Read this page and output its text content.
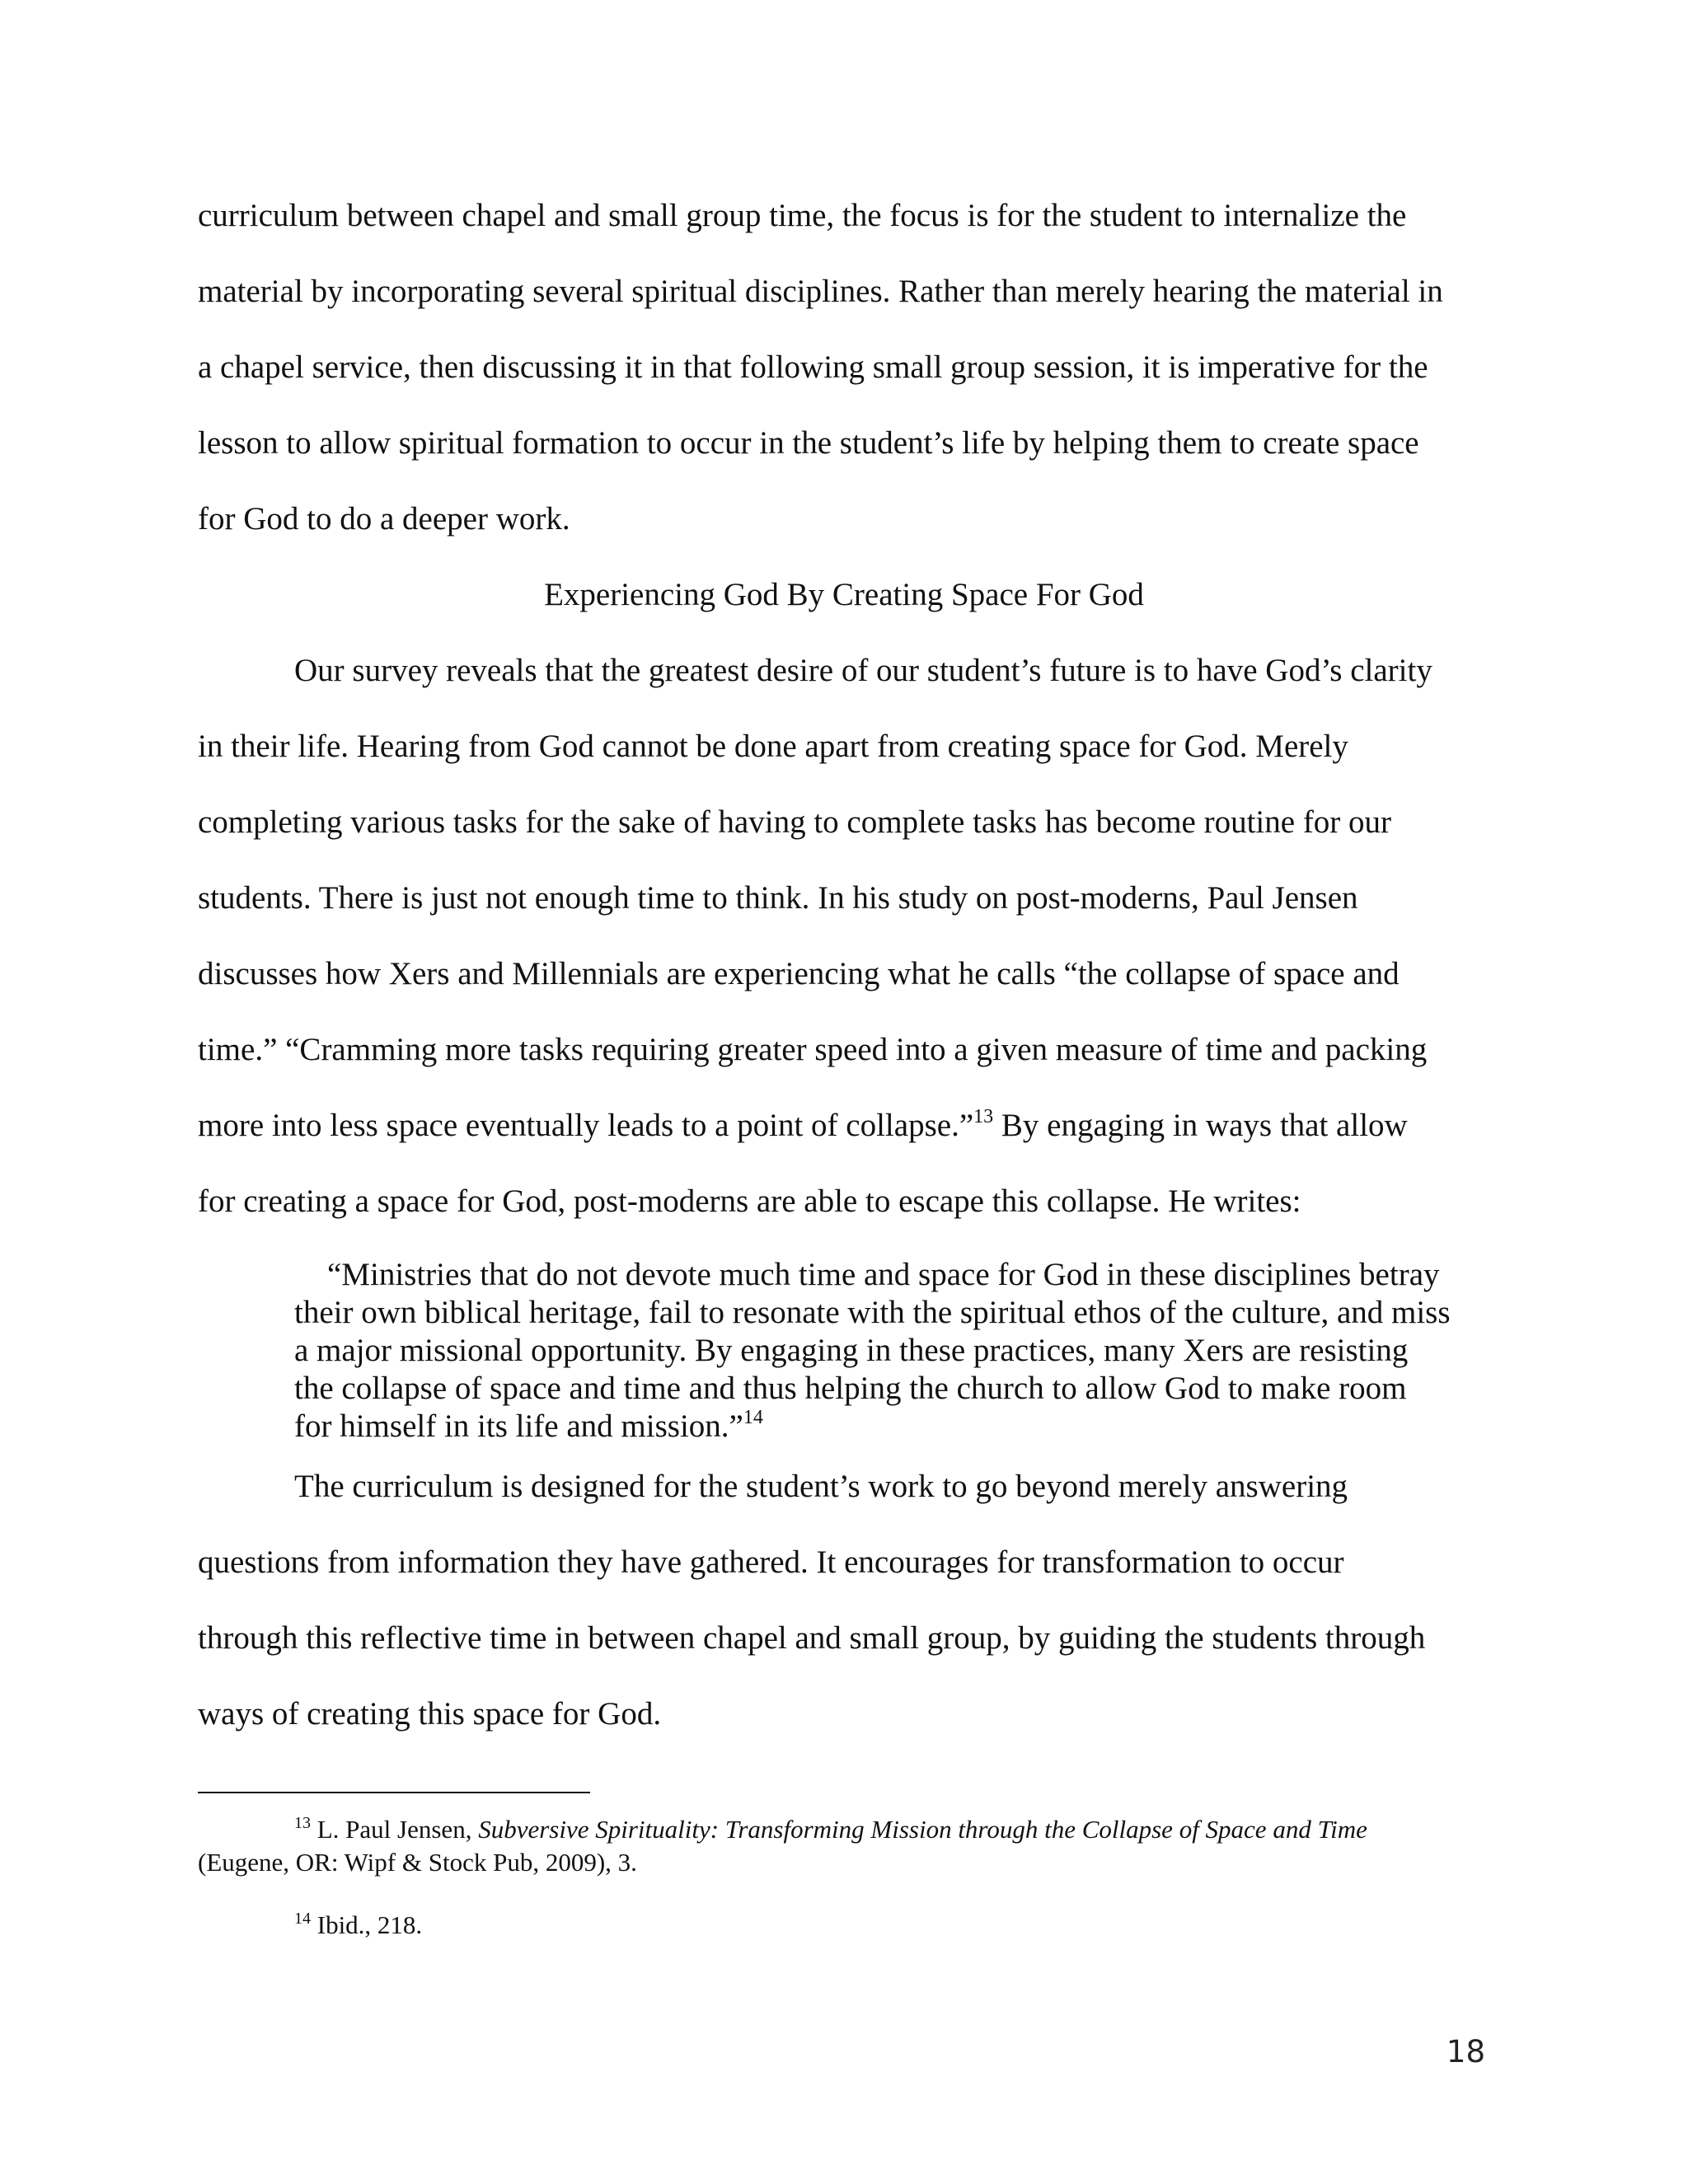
curriculum between chapel and small group time, the focus is for the student to internalize the
material by incorporating several spiritual disciplines. Rather than merely hearing the material in
a chapel service, then discussing it in that following small group session, it is imperative for the
lesson to allow spiritual formation to occur in the student’s life by helping them to create space
for God to do a deeper work.
Experiencing God By Creating Space For God
Our survey reveals that the greatest desire of our student’s future is to have God’s clarity
in their life. Hearing from God cannot be done apart from creating space for God. Merely
completing various tasks for the sake of having to complete tasks has become routine for our
students. There is just not enough time to think. In his study on post-moderns, Paul Jensen
discusses how Xers and Millennials are experiencing what he calls “the collapse of space and
time.” “Cramming more tasks requiring greater speed into a given measure of time and packing
more into less space eventually leads to a point of collapse.”$^{13}$ By engaging in ways that allow
for creating a space for God, post-moderns are able to escape this collapse. He writes:
“Ministries that do not devote much time and space for God in these disciplines betray
their own biblical heritage, fail to resonate with the spiritual ethos of the culture, and miss
a major missional opportunity. By engaging in these practices, many Xers are resisting
the collapse of space and time and thus helping the church to allow God to make room
for himself in its life and mission.”$^{14}$
The curriculum is designed for the student’s work to go beyond merely answering
questions from information they have gathered. It encourages for transformation to occur
through this reflective time in between chapel and small group, by guiding the students through
ways of creating this space for God.
$^{13}$ L. Paul Jensen, Subversive Spirituality: Transforming Mission through the Collapse of Space and Time
(Eugene, OR: Wipf & Stock Pub, 2009), 3.
$^{14}$ Ibid., 218.
18
